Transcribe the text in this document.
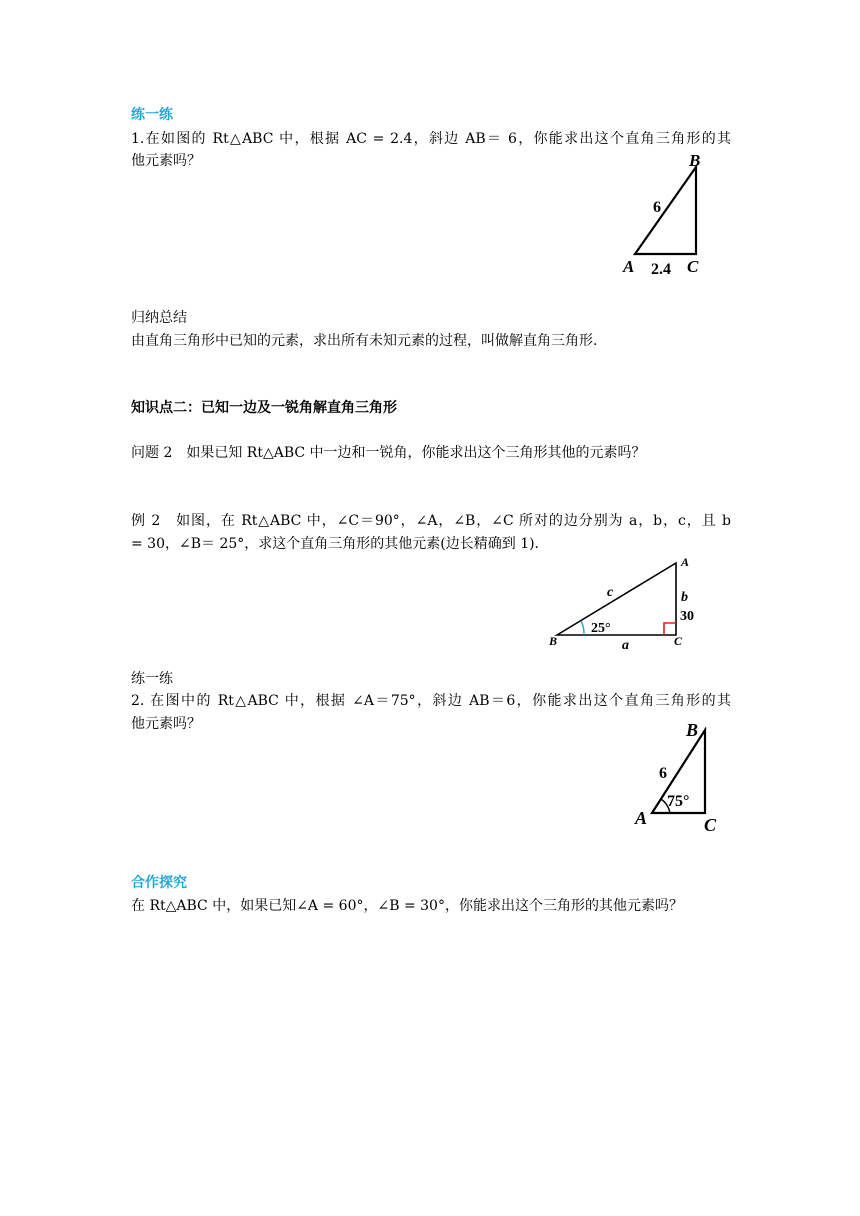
练一练
1.在如图的 Rt△ABC 中，根据 AC = 2.4，斜边 AB＝ 6，你能求出这个直角三角形的其
他元素吗？	B
6
A 2.4 C
归纳总结
由直角三角形中已知的元素，求出所有未知元素的过程，叫做解直角三角形.
知识点二：已知一边及一锐角解直角三角形
问题 2　如果已知 Rt△ABC 中一边和一锐角，你能求出这个三角形其他的元素吗？
例 2　如图，在 Rt△ABC 中，∠C＝90°，∠A，∠B，∠C 所对的边分别为 a，b，c，且 b
= 30，∠B＝ 25°，求这个直角三角形的其他元素(边长精确到 1).
A
c	b
30
25°
B	a	C
练一练
2. 在图中的 Rt△ABC 中，根据 ∠A＝75°，斜边 AB＝6，你能求出这个直角三角形的其
他元素吗？	B
6
75°
A	C
合作探究
在 Rt△ABC 中，如果已知∠A = 60°，∠B = 30°，你能求出这个三角形的其他元素吗？
